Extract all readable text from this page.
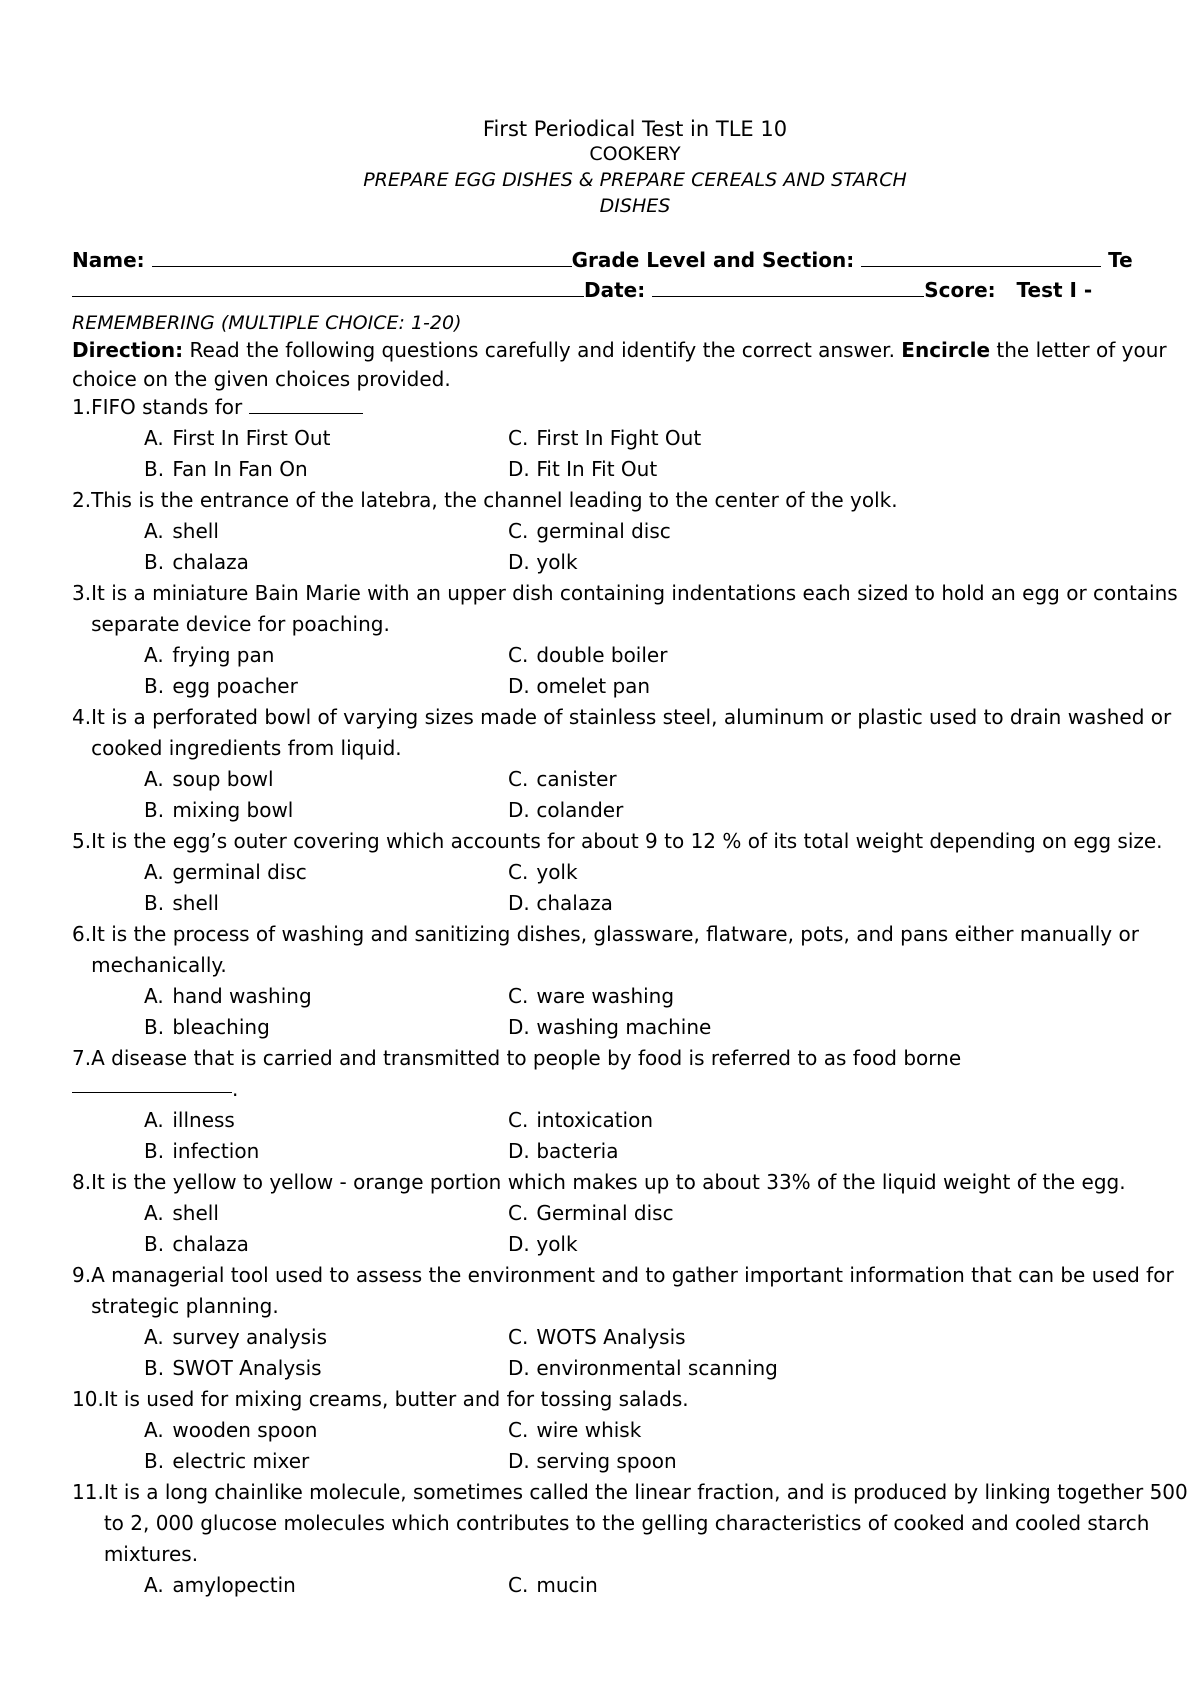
First Periodical Test in TLE 10
COOKERY
PREPARE EGG DISHES & PREPARE CEREALS AND STARCH
DISHES
Name:	Grade Level and Section:	Te
Date:	Score: Test I -
REMEMBERING (MULTIPLE CHOICE: 1-20)
Direction: Read the following questions carefully and identify the correct answer. Encircle the letter of your choice on the given choices provided.
1. FIFO stands for
A. First In First Out	C. First In Fight Out
B. Fan In Fan On	D. Fit In Fit Out
2. This is the entrance of the latebra, the channel leading to the center of the yolk.
A. shell	C. germinal disc
B. chalaza	D. yolk
3. It is a miniature Bain Marie with an upper dish containing indentations each sized to hold an egg or contains separate device for poaching.
A. frying pan	C. double boiler
B. egg poacher	D. omelet pan
4. It is a perforated bowl of varying sizes made of stainless steel, aluminum or plastic used to drain washed or cooked ingredients from liquid.
A. soup bowl	C. canister
B. mixing bowl	D. colander
5. It is the egg’s outer covering which accounts for about 9 to 12 % of its total weight depending on egg size.
A. germinal disc	C. yolk
B. shell	D. chalaza
6. It is the process of washing and sanitizing dishes, glassware, flatware, pots, and pans either manually or mechanically.
A. hand washing	C. ware washing
B. bleaching	D. washing machine
7. A disease that is carried and transmitted to people by food is referred to as food borne
.
A. illness	C. intoxication
B. infection	D. bacteria
8. It is the yellow to yellow - orange portion which makes up to about 33% of the liquid weight of the egg.
A. shell	C. Germinal disc
B. chalaza	D. yolk
9. A managerial tool used to assess the environment and to gather important information that can be used for strategic planning.
A. survey analysis	C. WOTS Analysis
B. SWOT Analysis	D. environmental scanning
10. It is used for mixing creams, butter and for tossing salads.
A. wooden spoon	C. wire whisk
B. electric mixer	D. serving spoon
11. It is a long chainlike molecule, sometimes called the linear fraction, and is produced by linking together 500 to 2, 000 glucose molecules which contributes to the gelling characteristics of cooked and cooled starch mixtures.
A. amylopectin	C. mucin
